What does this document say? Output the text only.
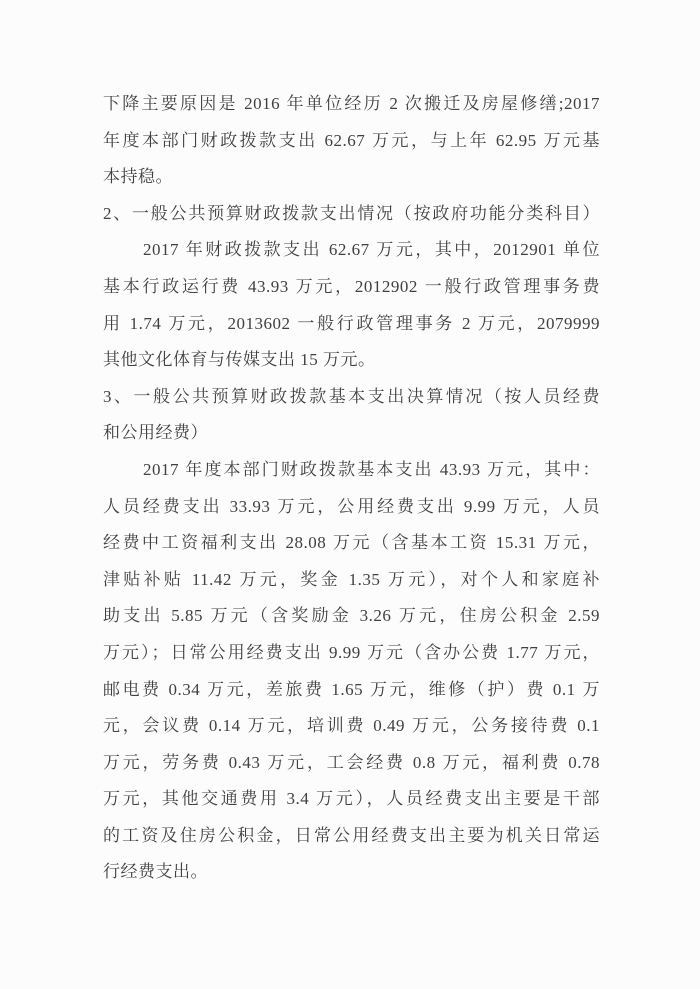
下降主要原因是 2016 年单位经历 2 次搬迁及房屋修缮;2017
年度本部门财政拨款支出 62.67 万元，与上年 62.95 万元基
本持稳。
2、一般公共预算财政拨款支出情况（按政府功能分类科目）
2017 年财政拨款支出 62.67 万元，其中，2012901 单位
基本行政运行费 43.93 万元，2012902 一般行政管理事务费
用 1.74 万元，2013602 一般行政管理事务 2 万元，2079999
其他文化体育与传媒支出 15 万元。
3、一般公共预算财政拨款基本支出决算情况（按人员经费
和公用经费）
2017 年度本部门财政拨款基本支出 43.93 万元，其中：
人员经费支出 33.93 万元，公用经费支出 9.99 万元，人员
经费中工资福利支出 28.08 万元（含基本工资 15.31 万元，
津贴补贴 11.42 万元，奖金 1.35 万元），对个人和家庭补
助支出 5.85 万元（含奖励金 3.26 万元，住房公积金 2.59
万元）；日常公用经费支出 9.99 万元（含办公费 1.77 万元，
邮电费 0.34 万元，差旅费 1.65 万元，维修（护）费 0.1 万
元，会议费 0.14 万元，培训费 0.49 万元，公务接待费 0.1
万元，劳务费 0.43 万元，工会经费 0.8 万元，福利费 0.78
万元，其他交通费用 3.4 万元），人员经费支出主要是干部
的工资及住房公积金，日常公用经费支出主要为机关日常运
行经费支出。
